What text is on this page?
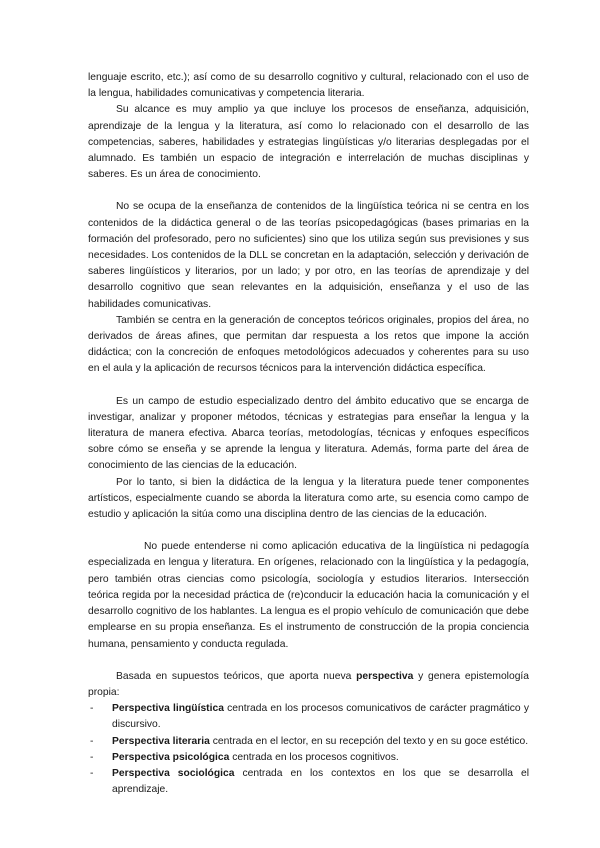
lenguaje escrito, etc.); así como de su desarrollo cognitivo y cultural, relacionado con el uso de la lengua, habilidades comunicativas y competencia literaria.

Su alcance es muy amplio ya que incluye los procesos de enseñanza, adquisición, aprendizaje de la lengua y la literatura, así como lo relacionado con el desarrollo de las competencias, saberes, habilidades y estrategias lingüísticas y/o literarias desplegadas por el alumnado. Es también un espacio de integración e interrelación de muchas disciplinas y saberes. Es un área de conocimiento.

No se ocupa de la enseñanza de contenidos de la lingüística teórica ni se centra en los contenidos de la didáctica general o de las teorías psicopedagógicas (bases primarias en la formación del profesorado, pero no suficientes) sino que los utiliza según sus previsiones y sus necesidades. Los contenidos de la DLL se concretan en la adaptación, selección y derivación de saberes lingüísticos y literarios, por un lado; y por otro, en las teorías de aprendizaje y del desarrollo cognitivo que sean relevantes en la adquisición, enseñanza y el uso de las habilidades comunicativas.

También se centra en la generación de conceptos teóricos originales, propios del área, no derivados de áreas afines, que permitan dar respuesta a los retos que impone la acción didáctica; con la concreción de enfoques metodológicos adecuados y coherentes para su uso en el aula y la aplicación de recursos técnicos para la intervención didáctica específica.

Es un campo de estudio especializado dentro del ámbito educativo que se encarga de investigar, analizar y proponer métodos, técnicas y estrategias para enseñar la lengua y la literatura de manera efectiva. Abarca teorías, metodologías, técnicas y enfoques específicos sobre cómo se enseña y se aprende la lengua y literatura. Además, forma parte del área de conocimiento de las ciencias de la educación.

Por lo tanto, si bien la didáctica de la lengua y la literatura puede tener componentes artísticos, especialmente cuando se aborda la literatura como arte, su esencia como campo de estudio y aplicación la sitúa como una disciplina dentro de las ciencias de la educación.

No puede entenderse ni como aplicación educativa de la lingüística ni pedagogía especializada en lengua y literatura. En orígenes, relacionado con la lingüística y la pedagogía, pero también otras ciencias como psicología, sociología y estudios literarios. Intersección teórica regida por la necesidad práctica de (re)conducir la educación hacia la comunicación y el desarrollo cognitivo de los hablantes. La lengua es el propio vehículo de comunicación que debe emplearse en su propia enseñanza. Es el instrumento de construcción de la propia conciencia humana, pensamiento y conducta regulada.

Basada en supuestos teóricos, que aporta nueva perspectiva y genera epistemología propia:

- Perspectiva lingüística centrada en los procesos comunicativos de carácter pragmático y discursivo.
- Perspectiva literaria centrada en el lector, en su recepción del texto y en su goce estético.
- Perspectiva psicológica centrada en los procesos cognitivos.
- Perspectiva sociológica centrada en los contextos en los que se desarrolla el aprendizaje.
